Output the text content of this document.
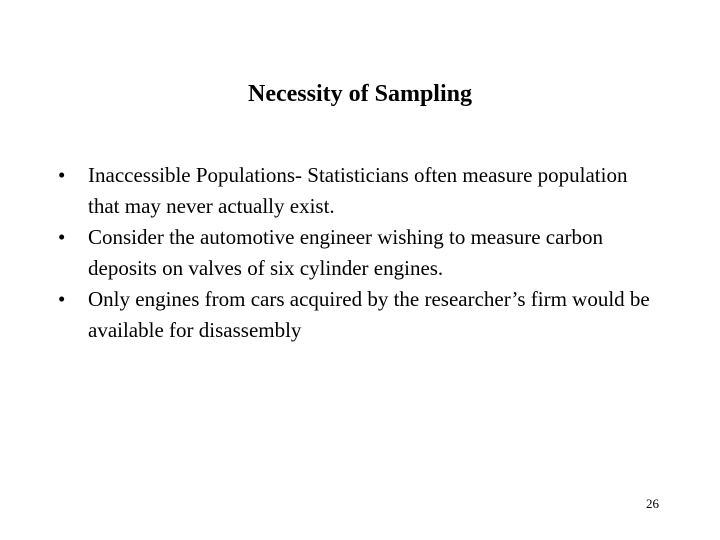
Necessity of Sampling
•	Inaccessible Populations- Statisticians often measure population that may never actually exist.
•	Consider the automotive engineer wishing to measure carbon deposits on valves of six cylinder engines.
•	Only engines from cars acquired by the researcher’s firm would be available for disassembly
26
